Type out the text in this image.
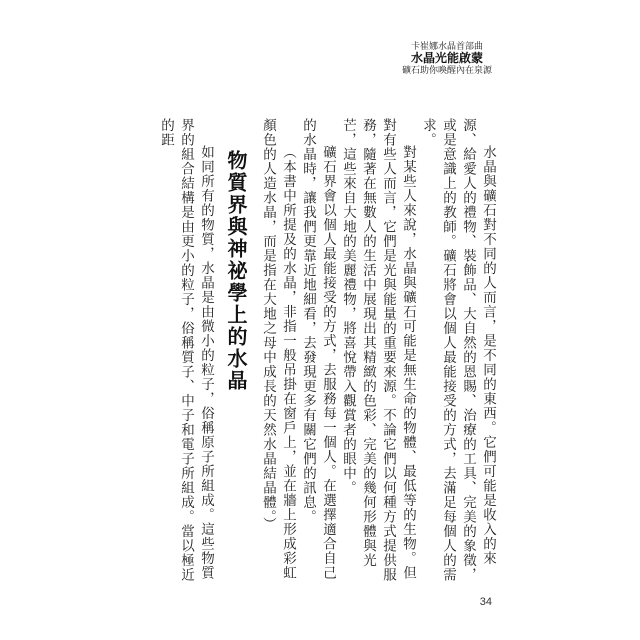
卡崔娜水晶首部曲
水晶光能啟蒙
礦石助你喚醒內在泉源

水晶與礦石對不同的人而言，是不同的東西。它們可能是收入的來源、給愛人的禮物、裝飾品、大自然的恩賜、治療的工具、完美的象徵，或是意識上的教師。礦石將會以個人最能接受的方式，去滿足每個人的需求。

對某些人來說，水晶與礦石可能是無生命的物體、最低等的生物。但對有些人而言，它們是光與能量的重要來源。不論它們以何種方式提供服務，隨著在無數人的生活中展現出其精緻的色彩、完美的幾何形體與光芒，這些來自大地的美麗禮物，將喜悅帶入觀賞者的眼中。

礦石界會以個人最能接受的方式，去服務每一個人。在選擇適合自己的水晶時，讓我們更靠近地細看，去發現更多有關它們的訊息。

（本書中所提及的水晶，非指一般吊掛在窗戶上，並在牆上形成彩虹顏色的人造水晶，而是指在大地之母中成長的天然水晶結晶體。）

物質界與神祕學上的水晶

如同所有的物質，水晶是由微小的粒子，俗稱原子所組成。這些物質界的組合結構是由更小的粒子，俗稱質子、中子和電子所組成。當以極近的距

34
